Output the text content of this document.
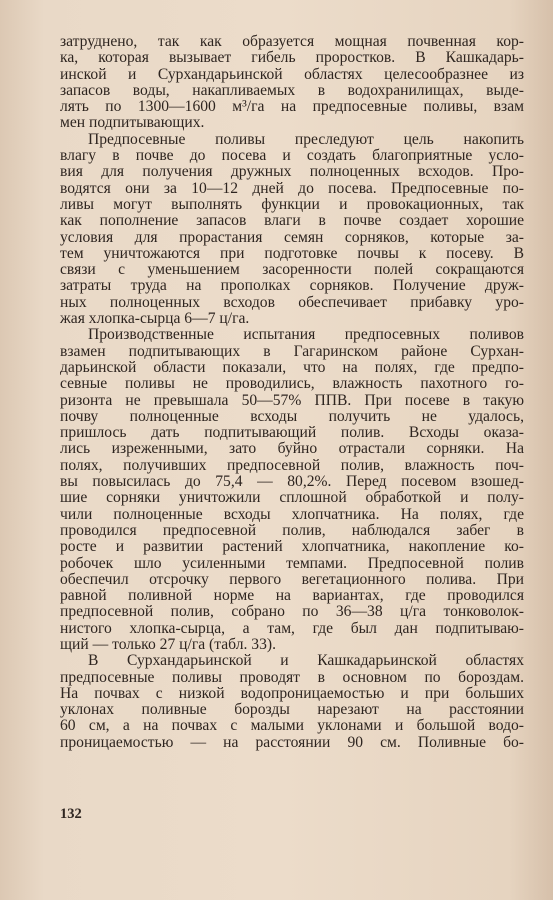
затруднено, так как образуется мощная почвенная кор-
ка, которая вызывает гибель проростков. В Кашкадарь-
инской и Сурхандарьинской областях целесообразнее из
запасов воды, накапливаемых в водохранилищах, выде-
лять по 1300—1600 м³/га на предпосевные поливы, взам
мен подпитывающих.
Предпосевные поливы преследуют цель накопить
влагу в почве до посева и создать благоприятные усло-
вия для получения дружных полноценных всходов. Про-
водятся они за 10—12 дней до посева. Предпосевные по-
ливы могут выполнять функции и провокационных, так
как пополнение запасов влаги в почве создает хорошие
условия для прорастания семян сорняков, которые за-
тем уничтожаются при подготовке почвы к посеву. В
связи с уменьшением засоренности полей сокращаются
затраты труда на прополках сорняков. Получение друж-
ных полноценных всходов обеспечивает прибавку уро-
жая хлопка-сырца 6—7 ц/га.
Производственные испытания предпосевных поливов
взамен подпитывающих в Гагаринском районе Сурхан-
дарьинской области показали, что на полях, где предпо-
севные поливы не проводились, влажность пахотного го-
ризонта не превышала 50—57% ППВ. При посеве в такую
почву полноценные всходы получить не удалось,
пришлось дать подпитывающий полив. Всходы оказа-
лись изреженными, зато буйно отрастали сорняки. На
полях, получивших предпосевной полив, влажность поч-
вы повысилась до 75,4 — 80,2%. Перед посевом взошед-
шие сорняки уничтожили сплошной обработкой и полу-
чили полноценные всходы хлопчатника. На полях, где
проводился предпосевной полив, наблюдался забег в
росте и развитии растений хлопчатника, накопление ко-
робочек шло усиленными темпами. Предпосевной полив
обеспечил отсрочку первого вегетационного полива. При
равной поливной норме на вариантах, где проводился
предпосевной полив, собрано по 36—38 ц/га тонковолок-
нистого хлопка-сырца, а там, где был дан подпитываю-
щий — только 27 ц/га (табл. 33).
В Сурхандарьинской и Кашкадарьинской областях
предпосевные поливы проводят в основном по бороздам.
На почвах с низкой водопроницаемостью и при больших
уклонах поливные борозды нарезают на расстоянии
60 см, а на почвах с малыми уклонами и большой водо-
проницаемостью — на расстоянии 90 см. Поливные бо-
132
